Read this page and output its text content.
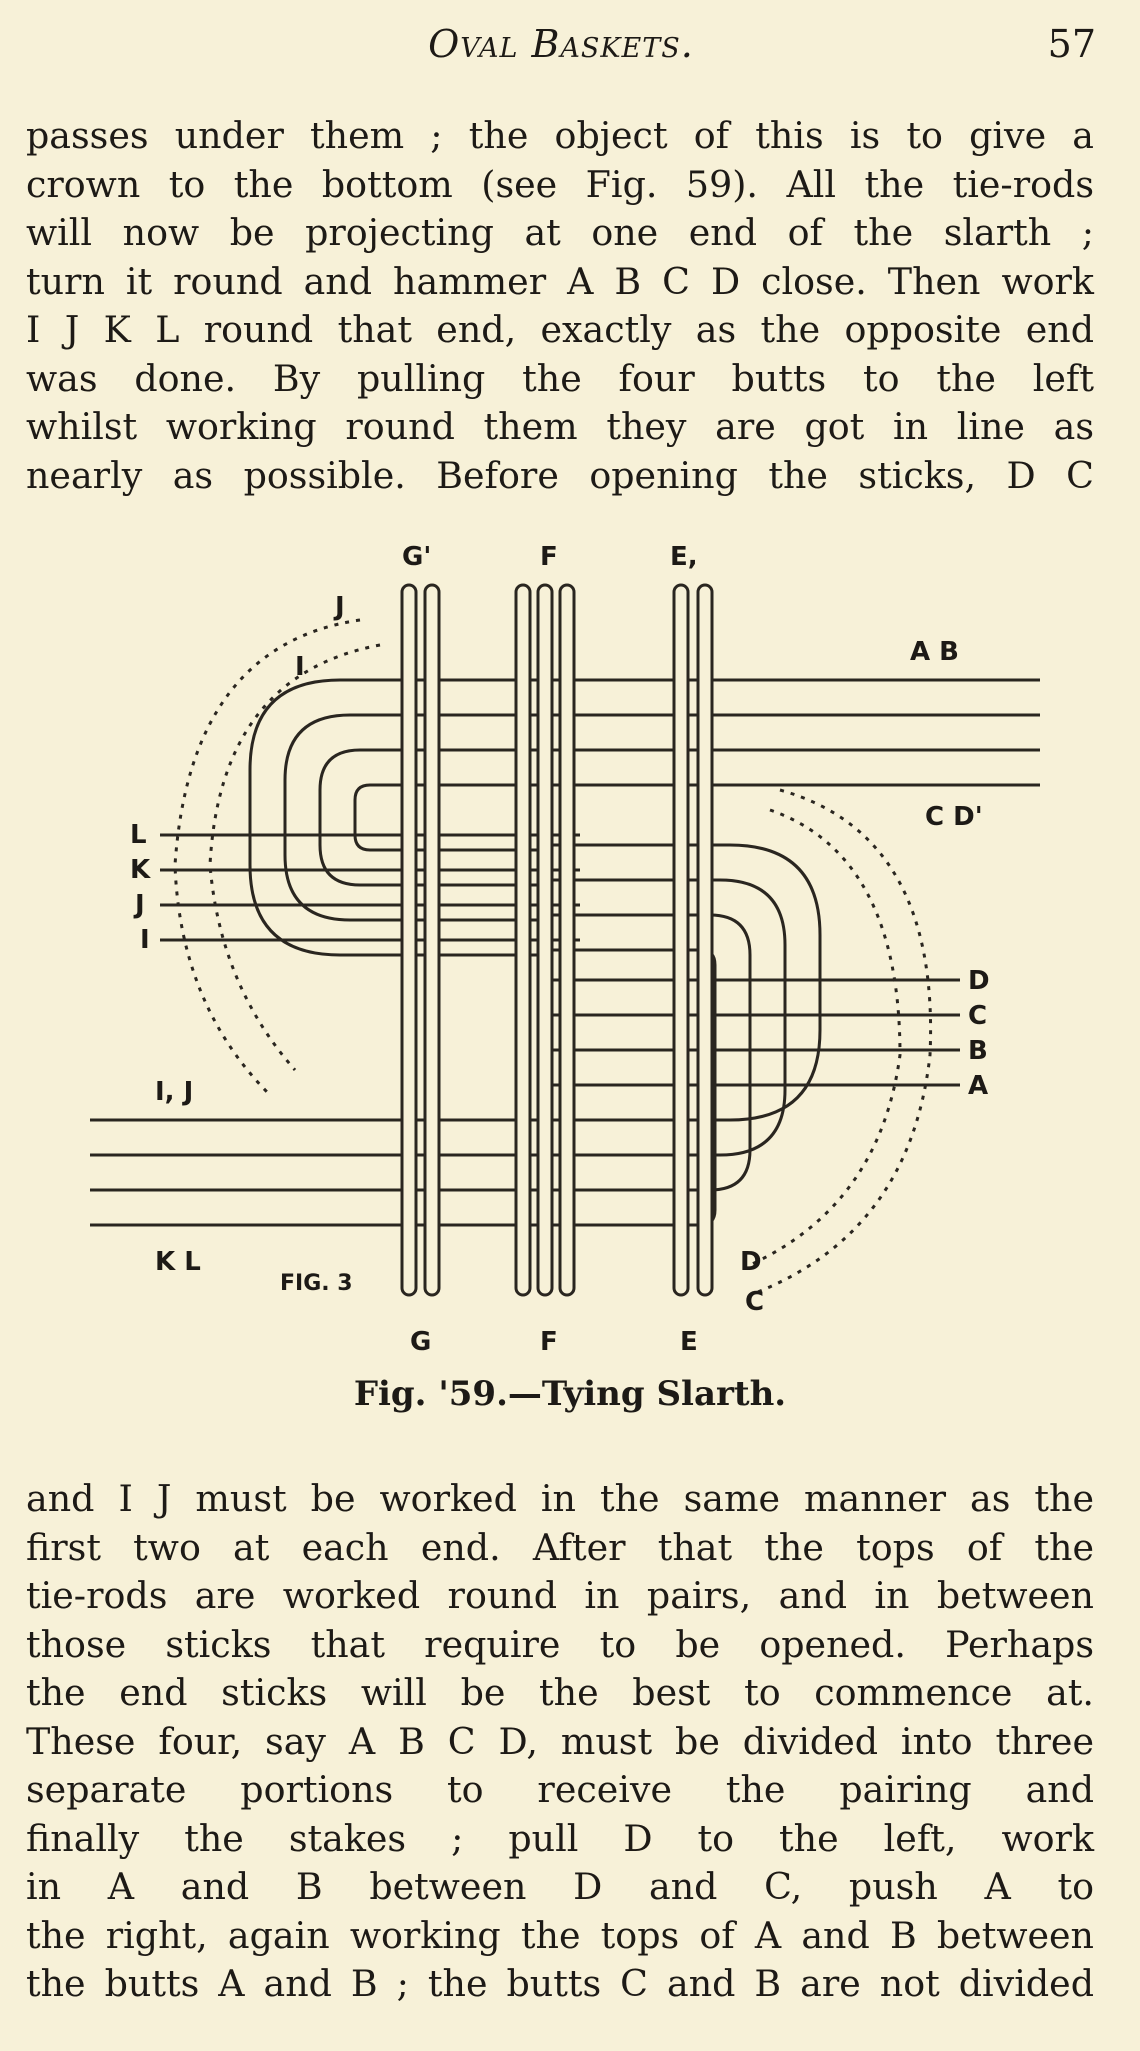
Oval Baskets.	57
passes under them ; the object of this is to give a
crown to the bottom (see Fig. 59). All the tie-rods
will now be projecting at one end of the slarth ;
turn it round and hammer A B C D close. Then work
I J K L round that end, exactly as the opposite end
was done. By pulling the four butts to the left
whilst working round them they are got in line as
nearly as possible. Before opening the sticks, D C
G'	F	E,
A B
C D'
L
K
J
I
D
C
B
A
J
I
I, J
K L
FIG. 3
D
C
G	F	E
Fig. '59.—Tying Slarth.
and I J must be worked in the same manner as the
first two at each end. After that the tops of the
tie-rods are worked round in pairs, and in between
those sticks that require to be opened. Perhaps
the end sticks will be the best to commence at.
These four, say A B C D, must be divided into three
separate portions to receive the pairing and
finally the stakes ; pull D to the left, work
in A and B between D and C, push A to
the right, again working the tops of A and B between
the butts A and B ; the butts C and B are not divided
